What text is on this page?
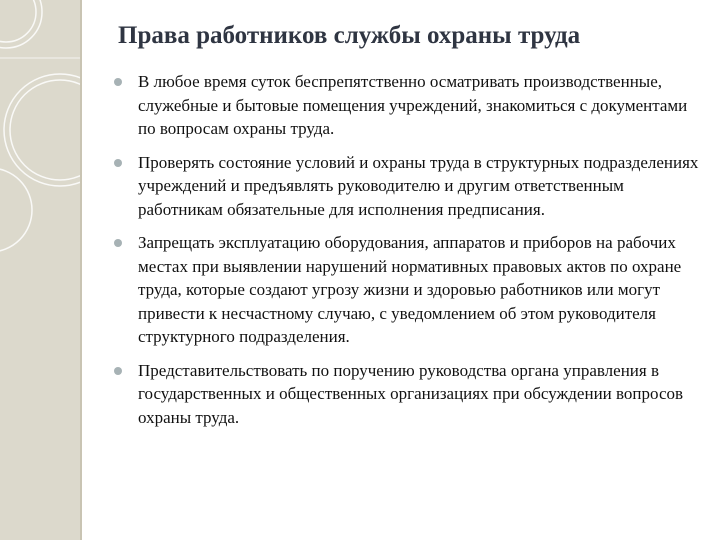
Права работников службы охраны труда
В любое время суток беспрепятственно осматривать производственные, служебные и бытовые помещения учреждений, знакомиться с документами по вопросам охраны труда.
Проверять состояние условий и охраны труда в структурных подразделениях учреждений и предъявлять руководителю и другим ответственным работникам обязательные для исполнения предписания.
Запрещать эксплуатацию оборудования, аппаратов и приборов на рабочих местах при выявлении нарушений нормативных правовых актов по охране труда, которые создают угрозу жизни и здоровью работников или могут привести к несчастному случаю, с уведомлением об этом руководителя структурного подразделения.
Представительствовать по поручению руководства органа управления в государственных и общественных организациях при обсуждении вопросов охраны труда.
